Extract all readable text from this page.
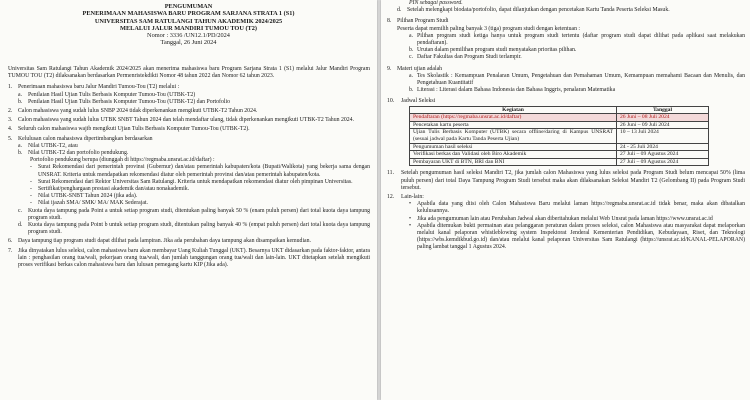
PENGUMUMAN
PENERIMAAN MAHASISWA BARU PROGRAM SARJANA STRATA 1 (S1)
UNIVERSITAS SAM RATULANGI TAHUN AKADEMIK 2024/2025
MELALUI JALUR MANDIRI TUMOU TOU (T2)
Nomor : 3336 /UN12.1/PD/2024
Tanggal, 26 Juni 2024
Universitas Sam Ratulangi Tahun Akademik 2024/2025 akan menerima mahasiswa baru Program Sarjana Strata 1 (S1) melalui Jalur Mandiri Program TUMOU TOU (T2) dilaksanakan berdasarkan Permenristekdikti Nomor 48 tahun 2022 dan Nomor 62 tahun 2023.
1. Penerimaan mahasiswa baru Jalur Mandiri Tumou-Tou (T2) melalui :
a.	Penilaian Hasil Ujian Tulis Berbasis Komputer Tumou-Tou (UTBK-T2)
b. Penilaian Hasil Ujian Tulis Berbasis Komputer Tumou-Tou (UTBK-T2) dan Portofolio
2. Calon mahasiswa yang sudah lulus SNBP 2024 tidak diperkenankan mengikuti UTBK-T2 Tahun 2024.
3. Calon mahasiswa yang sudah lulus UTBK SNBT Tahun 2024 dan telah mendaftar ulang, tidak diperkenankan mengikuti UTBK-T2 Tahun 2024.
4. Seluruh calon mahasiswa wajib mengikuti Ujian Tulis Berbasis Komputer Tumou-Tou (UTBK-T2).
5. Kelulusan calon mahasiswa dipertimbangkan berdasarkan
a.	Nilai UTBK-T2, atau
b. Nilai UTBK-T2 dan portofolio pendukung.
Portofolio pendukung berupa (diunggah di https://regmaba.unsrat.ac.id/daftar) :
-	Surat Rekomendasi dari pemerintah provinsi (Gubernur) dan/atau pemerintah kabupaten/kota (Bupati/Walikota) yang bekerja sama dengan UNSRAT. Kriteria untuk mendapatkan rekomendasi diatur oleh pemerintah provinsi dan/atau pemerintah kabupaten/kota.
-	Surat Rekomendasi dari Rektor Universitas Sam Ratulangi. Kriteria untuk mendapatkan rekomendasi diatur oleh pimpinan Universitas.
-	Sertifikat/penghargaan prestasi akademik dan/atau nonakademik.
-	Nilai UTBK-SNBT Tahun 2024 (jika ada).
-	Nilai ijazah SMA/ SMK/ MA/ MAK Sederajat.
c.	Kuota daya tampung pada Point a untuk setiap program studi, ditentukan paling banyak 50 % (enam puluh persen) dari total kuota daya tampung program studi.
d. Kuota daya tampung pada Point b untuk setiap program studi, ditentukan paling banyak 40 % (empat puluh persen) dari total kuota daya tampung program studi.
6. Daya tampung tiap program studi dapat dilihat pada lampiran. Jika ada perubahan daya tampung akan disampaikan kemudian.
7. Jika dinyatakan lulus seleksi, calon mahasiswa baru akan membayar Uang Kuliah Tunggal (UKT). Besarnya UKT didasarkan pada faktor-faktor, antara lain : penghasilan orang tua/wali, pekerjaan orang tua/wali, dan jumlah tanggungan orang tua/wali dan lain-lain. UKT ditetapkan setelah mengikuti proses verifikasi berkas calon mahasiswa baru dan lulusan pemegang kartu KIP (Jika ada).
PIN sebagai password.
d. Setelah melengkapi biodata/portofolio, dapat dilanjutkan dengan pencetakan Kartu Tanda Peserta Seleksi Masuk.
8. Pilihan Program Studi
Peserta dapat memilih paling banyak 3 (tiga) program studi dengan ketentuan :
a. Pilihan program studi ketiga hanya untuk program studi tertentu (daftar program studi dapat dilihat pada aplikasi saat melakukan pendaftaran).
b. Urutan dalam pemilihan program studi menyatakan prioritas pilihan.
c. Daftar Fakultas dan Program Studi terlampir.
9. Materi ujian adalah
a. Tes Skolastik : Kemampuan Penalaran Umum, Pengetahuan dan Pemahaman Umum, Kemampuan memahami Bacaan dan Menulis, dan Pengetahuan Kuantitatif
b. Literasi : Literasi dalam Bahasa Indonesia dan Bahasa Inggris, penalaran Matematika
10.	Jadwal Seleksi
Kegiatan	Tanggal
Pendaftaran (https://regmaba.unsrat.ac.id/daftar)	26 Juni – 08 Juli 2024
Pencetakan kartu peserta	26 Juni – 09 Juli 2024
Ujian Tulis Berbasis Komputer (UTBK) secara offline/daring di Kampus UNSRAT (sesuai jadwal pada Kartu Tanda Peserta Ujian)	10 – 13 Juli 2024
Pengumuman hasil seleksi	24 - 25 Juli 2024
Verifikasi berkas dan Validasi oleh Biro Akademik	27 Juli – 09 Agustus 2024
Pembayaran UKT di BTN, BRI dan BNI	27 Juli – 09 Agustus 2024
11.	Setelah pengumuman hasil seleksi Mandiri T2, jika jumlah calon Mahasiswa yang lulus seleksi pada Program Studi belum mencapai 50% (lima puluh persen) dari total Daya Tampung Program Studi tersebut maka akan dilaksanakan Seleksi Mandiri T2 (Gelombang II) pada Program Studi tersebut.
12.	Lain-lain:
•	Apabila data yang diisi oleh Calon Mahasiswa Baru melalui laman https://regmaba.unsrat.ac.id tidak benar, maka akan dibatalkan kelulusannya.
•	Jika ada pengumuman lain atau Perubahan Jadwal akan diberitahukan melalui Web Unsrat pada laman https://www.unsrat.ac.id
•	Apabila ditemukan bukti permainan atau pelanggaran peraturan dalam proses seleksi, calon Mahasiswa atau masyarakat dapat melaporkan melalui kanal pelaporan whistleblowing system Inspektorat Jenderal Kementerian Pendidikan, Kebudayaan, Riset, dan Teknologi (https://wbs.kemdikbud.go.id) dan/atau melalui kanal pelaporan Universitas Sam Ratulangi (https://unsrat.ac.id/KANAL-PELAPORAN) paling lambat tanggal 1 Agustus 2024.
